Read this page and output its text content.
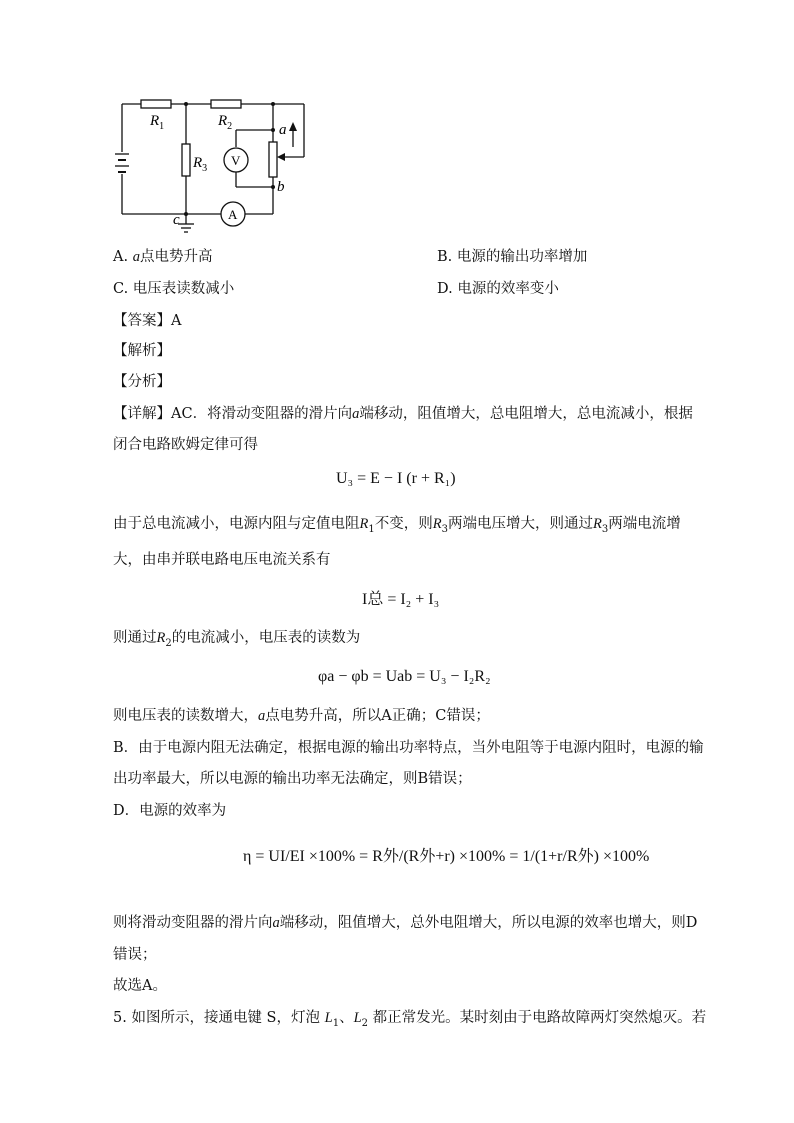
$R_1$	$R_2$
$R_3$
V
A
a
b
c
A. a点电势升高	B. 电源的输出功率增加
C. 电压表读数减小	D. 电源的效率变小
【答案】A
【解析】
【分析】
【详解】AC．将滑动变阻器的滑片向a端移动，阻值增大，总电阻增大，总电流减小，根据
闭合电路欧姆定律可得
U₃ = E − I (r + R₁)
由于总电流减小，电源内阻与定值电阻$R_1$不变，则$R_3$两端电压增大，则通过$R_3$两端电流增
大，由串并联电路电压电流关系有
I总 = I₂ + I₃
则通过$R_2$的电流减小，电压表的读数为
φa − φb = Uab = U₃ − I₂R₂
则电压表的读数增大，a点电势升高，所以A正确；C错误；
B．由于电源内阻无法确定，根据电源的输出功率特点，当外电阻等于电源内阻时，电源的输
出功率最大，所以电源的输出功率无法确定，则B错误；
D．电源的效率为
η = UI/EI ×100% = R外/(R外+r) ×100% = 1/(1+r/R外) ×100%
则将滑动变阻器的滑片向a端移动，阻值增大，总外电阻增大，所以电源的效率也增大，则D
错误；
故选A。
5. 如图所示，接通电键 S，灯泡 $L_1$、$L_2$ 都正常发光。某时刻由于电路故障两灯突然熄灭。若
